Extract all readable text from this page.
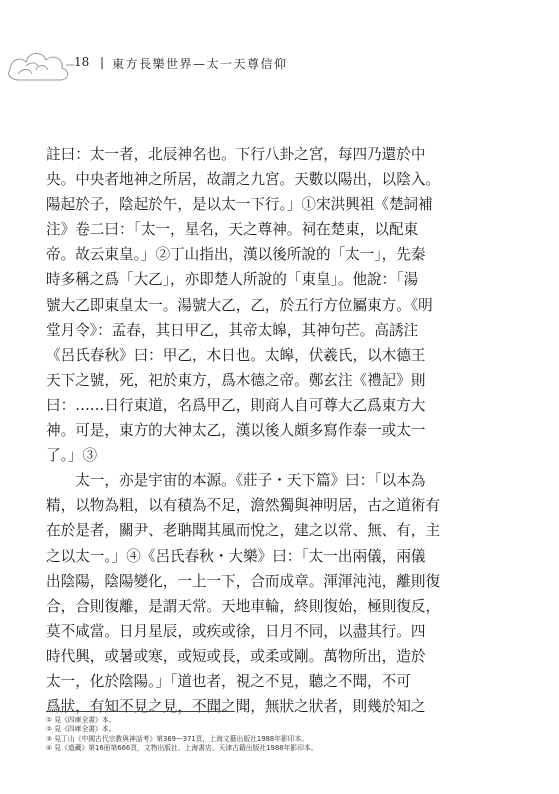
18 | 東方長樂世界—太一天尊信仰
註曰：太一者，北辰神名也。下行八卦之宮，每四乃還於中
央。中央者地神之所居，故謂之九宮。天數以陽出，以陰入。
陽起於子，陰起於午，是以太一下行。」①宋洪興祖《楚詞補
注》卷二曰：「太一，星名，天之尊神。祠在楚東，以配東
帝。故云東皇。」②丁山指出，漢以後所說的「太一」，先秦
時多稱之爲「大乙」，亦即楚人所說的「東皇」。他說：「湯
號大乙即東皇太一。湯號大乙，乙，於五行方位屬東方。《明
堂月令》：孟春，其日甲乙，其帝太皞，其神句芒。高誘注
《呂氏春秋》曰：甲乙，木日也。太皞，伏羲氏，以木德王
天下之號，死，祀於東方，爲木德之帝。鄭玄注《禮記》則
曰：……日行東道，名爲甲乙，則商人自可尊大乙爲東方大
神。可是，東方的大神太乙，漢以後人頗多寫作泰一或太一
了。」③
　　太一，亦是宇宙的本源。《莊子・天下篇》曰：「以本為
精，以物為粗，以有積為不足，澹然獨與神明居，古之道術有
在於是者，關尹、老聃聞其風而悅之，建之以常、無、有，主
之以太一。」④《呂氏春秋・大樂》曰：「太一出兩儀，兩儀
出陰陽，陰陽變化，一上一下，合而成章。渾渾沌沌，離則復
合，合則復離，是謂天常。天地車輪，終則復始，極則復反，
莫不咸當。日月星辰，或疾或徐，日月不同，以盡其行。四
時代興，或暑或寒，或短或長，或柔或剛。萬物所出，造於
太一，化於陰陽。」「道也者，視之不見，聽之不聞，不可
爲狀，有知不見之見，不聞之聞，無狀之狀者，則幾於知之
① 見《四庫全書》本。
② 見《四庫全書》本。
③ 見丁山《中國古代宗教與神話考》第369—371頁，上海文藝出版社1988年影印本。
④ 見《道藏》第16冊第666頁，文物出版社、上海書店、天津古籍出版社1988年影印本。
